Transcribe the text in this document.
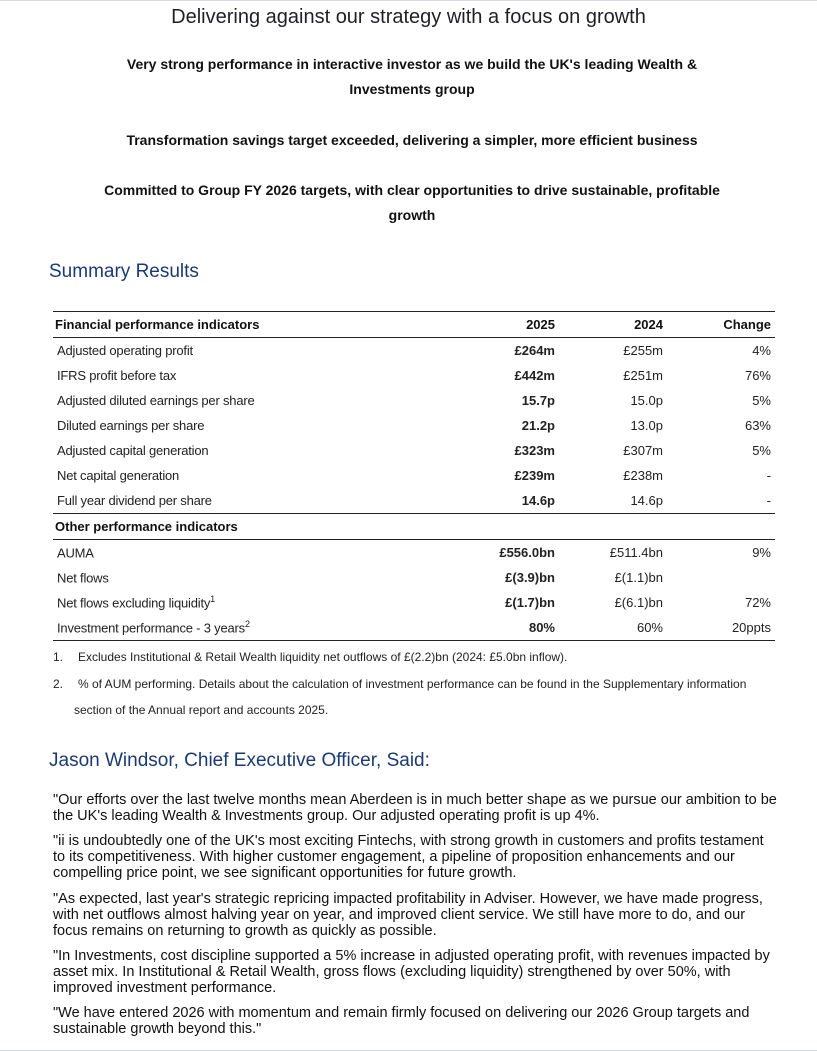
Delivering against our strategy with a focus on growth
Very strong performance in interactive investor as we build the UK's leading Wealth & Investments group
Transformation savings target exceeded, delivering a simpler, more efficient business
Committed to Group FY 2026 targets, with clear opportunities to drive sustainable, profitable growth
Summary Results
Financial performance indicators	2025	2024	Change
Adjusted operating profit	£264m	£255m	4%
IFRS profit before tax	£442m	£251m	76%
Adjusted diluted earnings per share	15.7p	15.0p	5%
Diluted earnings per share	21.2p	13.0p	63%
Adjusted capital generation	£323m	£307m	5%
Net capital generation	£239m	£238m	-
Full year dividend per share	14.6p	14.6p	-
Other performance indicators			
AUMA	£556.0bn	£511.4bn	9%
Net flows	£(3.9)bn	£(1.1)bn	
Net flows excluding liquidity$^1$	£(1.7)bn	£(6.1)bn	72%
Investment performance - 3 years$^2$	80%	60%	20ppts
1. Excludes Institutional & Retail Wealth liquidity net outflows of £(2.2)bn (2024: £5.0bn inflow).
2. % of AUM performing. Details about the calculation of investment performance can be found in the Supplementary information
section of the Annual report and accounts 2025.
Jason Windsor, Chief Executive Officer, Said:
"Our efforts over the last twelve months mean Aberdeen is in much better shape as we pursue our ambition to be the UK's leading Wealth & Investments group. Our adjusted operating profit is up 4%.
"ii is undoubtedly one of the UK's most exciting Fintechs, with strong growth in customers and profits testament to its competitiveness. With higher customer engagement, a pipeline of proposition enhancements and our compelling price point, we see significant opportunities for future growth.
"As expected, last year's strategic repricing impacted profitability in Adviser. However, we have made progress, with net outflows almost halving year on year, and improved client service. We still have more to do, and our focus remains on returning to growth as quickly as possible.
"In Investments, cost discipline supported a 5% increase in adjusted operating profit, with revenues impacted by asset mix. In Institutional & Retail Wealth, gross flows (excluding liquidity) strengthened by over 50%, with improved investment performance.
"We have entered 2026 with momentum and remain firmly focused on delivering our 2026 Group targets and sustainable growth beyond this."
